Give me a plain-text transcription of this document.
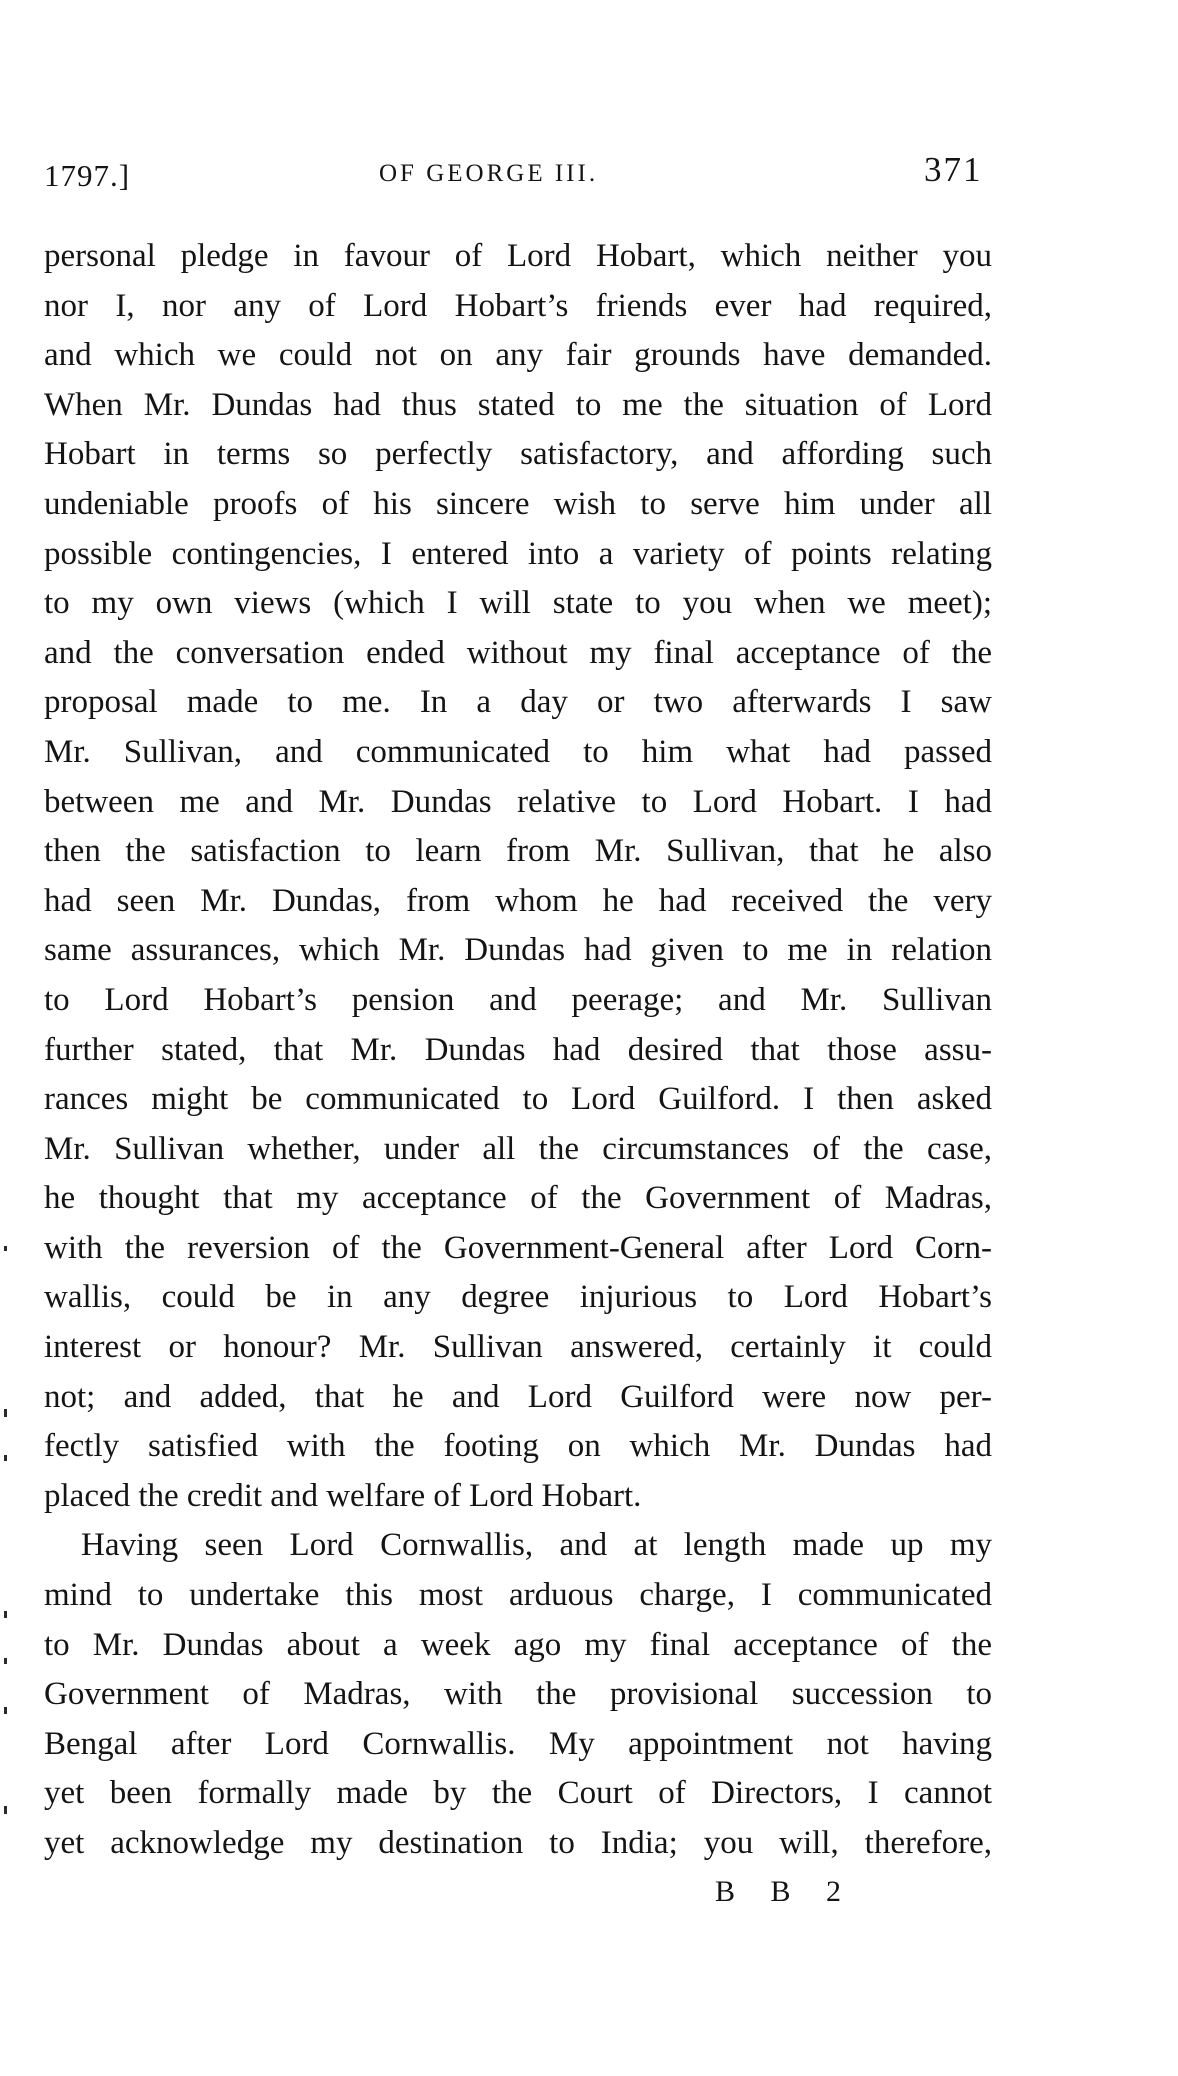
1797.]	OF GEORGE III.	371
personal pledge in favour of Lord Hobart, which neither you
nor I, nor any of Lord Hobart’s friends ever had required,
and which we could not on any fair grounds have demanded.
When Mr. Dundas had thus stated to me the situation of Lord
Hobart in terms so perfectly satisfactory, and affording such
undeniable proofs of his sincere wish to serve him under all
possible contingencies, I entered into a variety of points relating
to my own views (which I will state to you when we meet);
and the conversation ended without my final acceptance of the
proposal made to me. In a day or two afterwards I saw
Mr. Sullivan, and communicated to him what had passed
between me and Mr. Dundas relative to Lord Hobart. I had
then the satisfaction to learn from Mr. Sullivan, that he also
had seen Mr. Dundas, from whom he had received the very
same assurances, which Mr. Dundas had given to me in relation
to Lord Hobart’s pension and peerage; and Mr. Sullivan
further stated, that Mr. Dundas had desired that those assu-
rances might be communicated to Lord Guilford. I then asked
Mr. Sullivan whether, under all the circumstances of the case,
he thought that my acceptance of the Government of Madras,
with the reversion of the Government-General after Lord Corn-
wallis, could be in any degree injurious to Lord Hobart’s
interest or honour? Mr. Sullivan answered, certainly it could
not; and added, that he and Lord Guilford were now per-
fectly satisfied with the footing on which Mr. Dundas had
placed the credit and welfare of Lord Hobart.
Having seen Lord Cornwallis, and at length made up my
mind to undertake this most arduous charge, I communicated
to Mr. Dundas about a week ago my final acceptance of the
Government of Madras, with the provisional succession to
Bengal after Lord Cornwallis. My appointment not having
yet been formally made by the Court of Directors, I cannot
yet acknowledge my destination to India; you will, therefore,
B B 2
